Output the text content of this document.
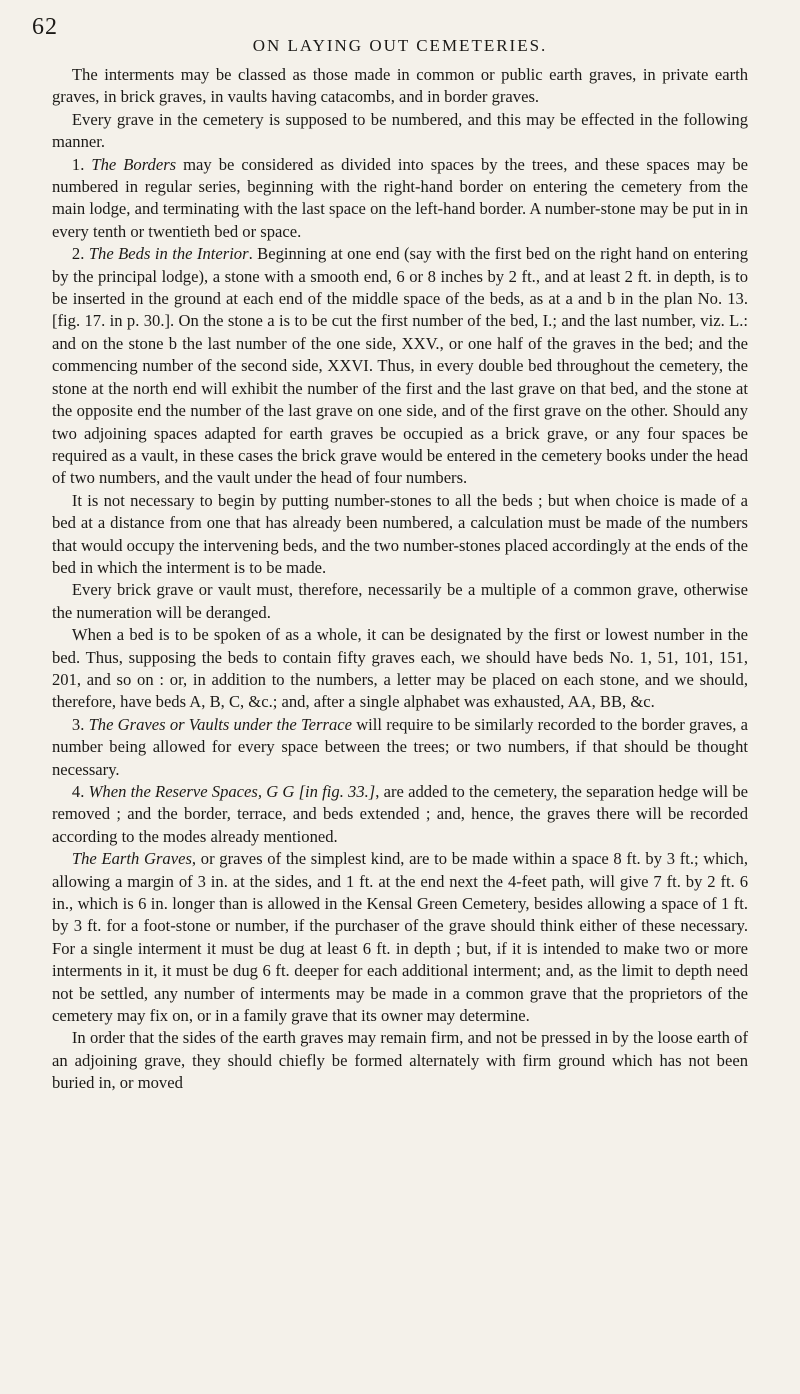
62
ON LAYING OUT CEMETERIES.

The interments may be classed as those made in common or public earth graves, in private earth graves, in brick graves, in vaults having catacombs, and in border graves.

Every grave in the cemetery is supposed to be numbered, and this may be effected in the following manner.

1. The Borders may be considered as divided into spaces by the trees, and these spaces may be numbered in regular series, beginning with the right-hand border on entering the cemetery from the main lodge, and terminating with the last space on the left-hand border. A number-stone may be put in in every tenth or twentieth bed or space.

2. The Beds in the Interior. Beginning at one end (say with the first bed on the right hand on entering by the principal lodge), a stone with a smooth end, 6 or 8 inches by 2 ft., and at least 2 ft. in depth, is to be inserted in the ground at each end of the middle space of the beds, as at a and b in the plan No. 13. [fig. 17. in p. 30.]. On the stone a is to be cut the first number of the bed, I.; and the last number, viz. L.: and on the stone b the last number of the one side, XXV., or one half of the graves in the bed; and the commencing number of the second side, XXVI. Thus, in every double bed throughout the cemetery, the stone at the north end will exhibit the number of the first and the last grave on that bed, and the stone at the opposite end the number of the last grave on one side, and of the first grave on the other. Should any two adjoining spaces adapted for earth graves be occupied as a brick grave, or any four spaces be required as a vault, in these cases the brick grave would be entered in the cemetery books under the head of two numbers, and the vault under the head of four numbers.

It is not necessary to begin by putting number-stones to all the beds ; but when choice is made of a bed at a distance from one that has already been numbered, a calculation must be made of the numbers that would occupy the intervening beds, and the two number-stones placed accordingly at the ends of the bed in which the interment is to be made.

Every brick grave or vault must, therefore, necessarily be a multiple of a common grave, otherwise the numeration will be deranged.

When a bed is to be spoken of as a whole, it can be designated by the first or lowest number in the bed. Thus, supposing the beds to contain fifty graves each, we should have beds No. 1, 51, 101, 151, 201, and so on : or, in addition to the numbers, a letter may be placed on each stone, and we should, therefore, have beds A, B, C, &c.; and, after a single alphabet was exhausted, AA, BB, &c.

3. The Graves or Vaults under the Terrace will require to be similarly recorded to the border graves, a number being allowed for every space between the trees; or two numbers, if that should be thought necessary.

4. When the Reserve Spaces, G G [in fig. 33.], are added to the cemetery, the separation hedge will be removed ; and the border, terrace, and beds extended ; and, hence, the graves there will be recorded according to the modes already mentioned.

The Earth Graves, or graves of the simplest kind, are to be made within a space 8 ft. by 3 ft.; which, allowing a margin of 3 in. at the sides, and 1 ft. at the end next the 4-feet path, will give 7 ft. by 2 ft. 6 in., which is 6 in. longer than is allowed in the Kensal Green Cemetery, besides allowing a space of 1 ft. by 3 ft. for a foot-stone or number, if the purchaser of the grave should think either of these necessary. For a single interment it must be dug at least 6 ft. in depth ; but, if it is intended to make two or more interments in it, it must be dug 6 ft. deeper for each additional interment; and, as the limit to depth need not be settled, any number of interments may be made in a common grave that the proprietors of the cemetery may fix on, or in a family grave that its owner may determine.

In order that the sides of the earth graves may remain firm, and not be pressed in by the loose earth of an adjoining grave, they should chiefly be formed alternately with firm ground which has not been buried in, or moved
